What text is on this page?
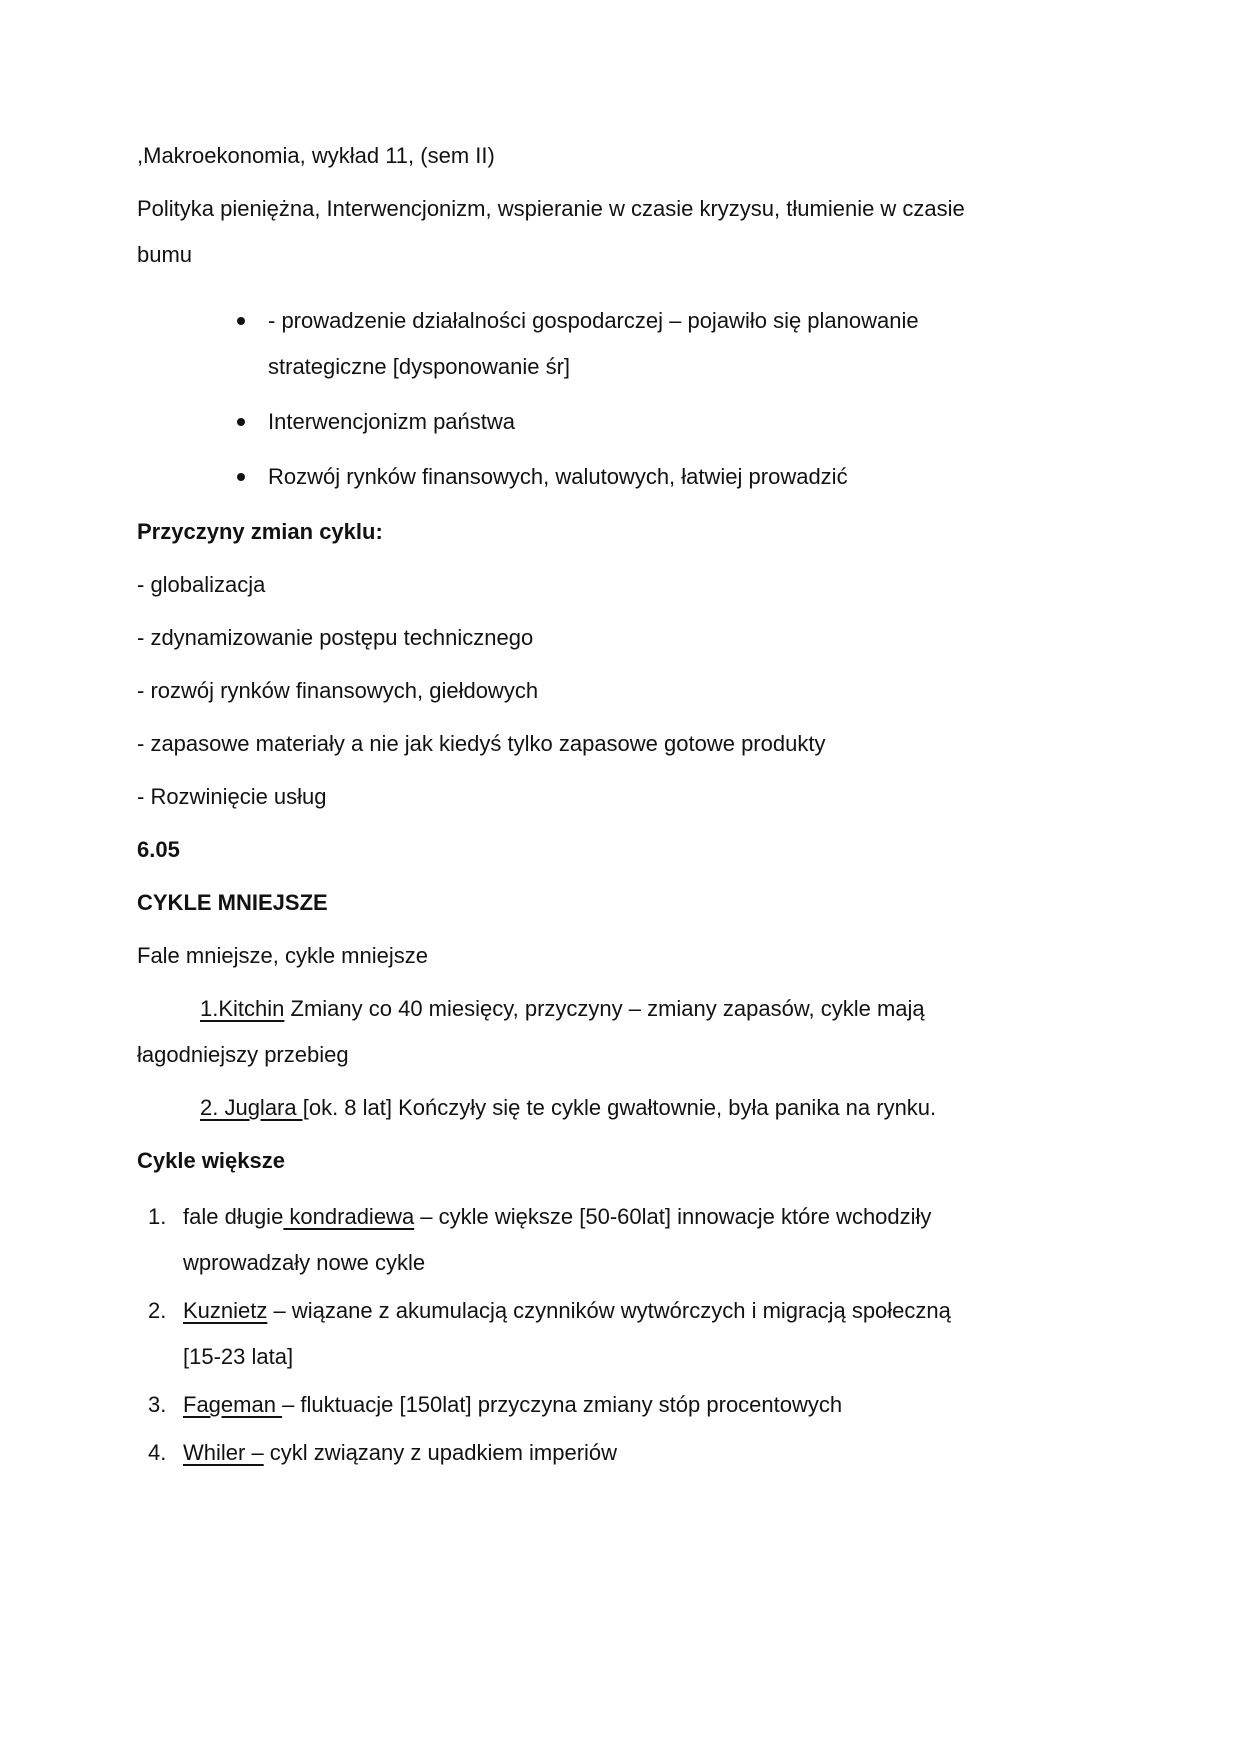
,Makroekonomia, wykład 11, (sem II)

Polityka pieniężna, Interwencjonizm, wspieranie w czasie kryzysu, tłumienie w czasie
bumu

- prowadzenie działalności gospodarczej – pojawiło się planowanie
strategiczne [dysponowanie śr]
Interwencjonizm państwa
Rozwój rynków finansowych, walutowych, łatwiej prowadzić

Przyczyny zmian cyklu:

- globalizacja

- zdynamizowanie postępu technicznego

- rozwój rynków finansowych, giełdowych

- zapasowe materiały a nie jak kiedyś tylko zapasowe gotowe produkty

- Rozwinięcie usług

6.05

CYKLE MNIEJSZE

Fale mniejsze, cykle mniejsze

1.Kitchin Zmiany co 40 miesięcy, przyczyny – zmiany zapasów, cykle mają
łagodniejszy przebieg

2. Juglara [ok. 8 lat] Kończyły się te cykle gwałtownie, była panika na rynku.

Cykle większe

1. fale długie kondradiewa – cykle większe [50-60lat] innowacje które wchodziły
wprowadzały nowe cykle
2. Kuznietz – wiązane z akumulacją czynników wytwórczych i migracją społeczną
[15-23 lata]
3. Fageman – fluktuacje [150lat] przyczyna zmiany stóp procentowych
4. Whiler – cykl związany z upadkiem imperiów
